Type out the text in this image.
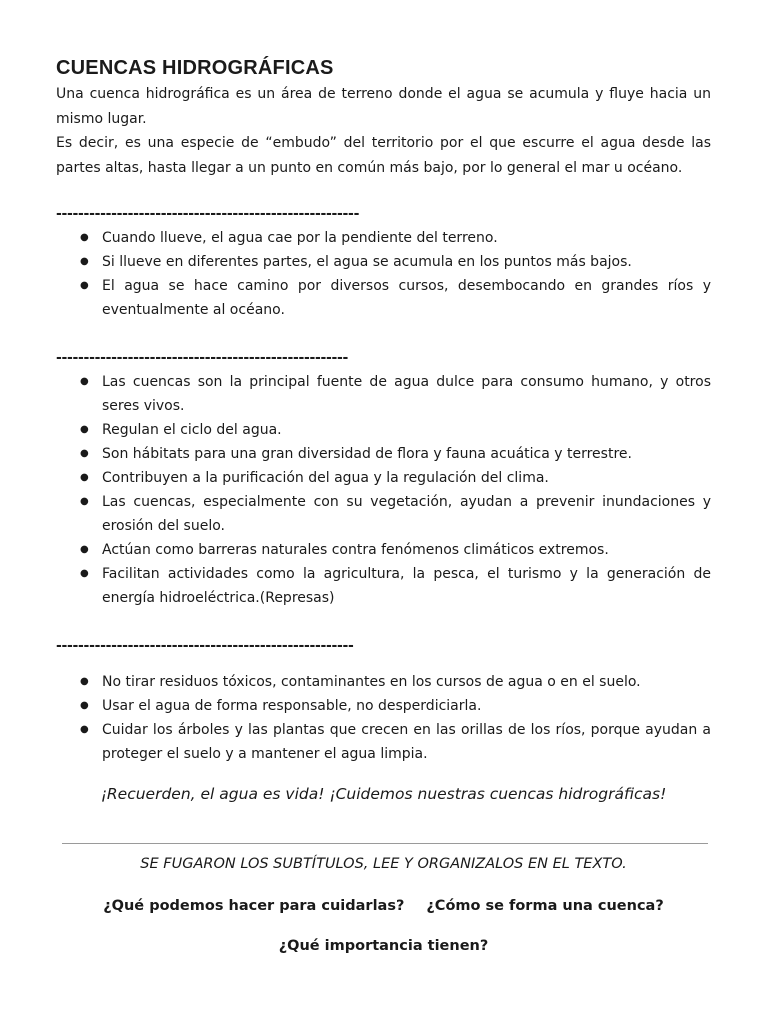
CUENCAS HIDROGRÁFICAS

Una cuenca hidrográfica es un área de terreno donde el agua se acumula y fluye hacia un mismo lugar.

Es decir, es una especie de “embudo” del territorio por el que escurre el agua desde las partes altas, hasta llegar a un punto en común más bajo, por lo general el mar u océano.

-------------------------------------------------------
● Cuando llueve, el agua cae por la pendiente del terreno.
● Si llueve en diferentes partes, el agua se acumula en los puntos más bajos.
● El agua se hace camino por diversos cursos, desembocando en grandes ríos y eventualmente al océano.
-----------------------------------------------------
● Las cuencas son la principal fuente de agua dulce para consumo humano, y otros seres vivos.
● Regulan el ciclo del agua.
● Son hábitats para una gran diversidad de flora y fauna acuática y terrestre.
● Contribuyen a la purificación del agua y la regulación del clima.
● Las cuencas, especialmente con su vegetación, ayudan a prevenir inundaciones y erosión del suelo.
● Actúan como barreras naturales contra fenómenos climáticos extremos.
● Facilitan actividades como la agricultura, la pesca, el turismo y la generación de energía hidroeléctrica.(Represas)
------------------------------------------------------
● No tirar residuos tóxicos, contaminantes en los cursos de agua o en el suelo.
● Usar el agua de forma responsable, no desperdiciarla.
● Cuidar los árboles y las plantas que crecen en las orillas de los ríos, porque ayudan a proteger el suelo y a mantener el agua limpia.

¡Recuerden, el agua es vida! ¡Cuidemos nuestras cuencas hidrográficas!

SE FUGARON LOS SUBTÍTULOS, LEE Y ORGANIZALOS EN EL TEXTO.
¿Qué podemos hacer para cuidarlas? ¿Cómo se forma una cuenca?
¿Qué importancia tienen?
